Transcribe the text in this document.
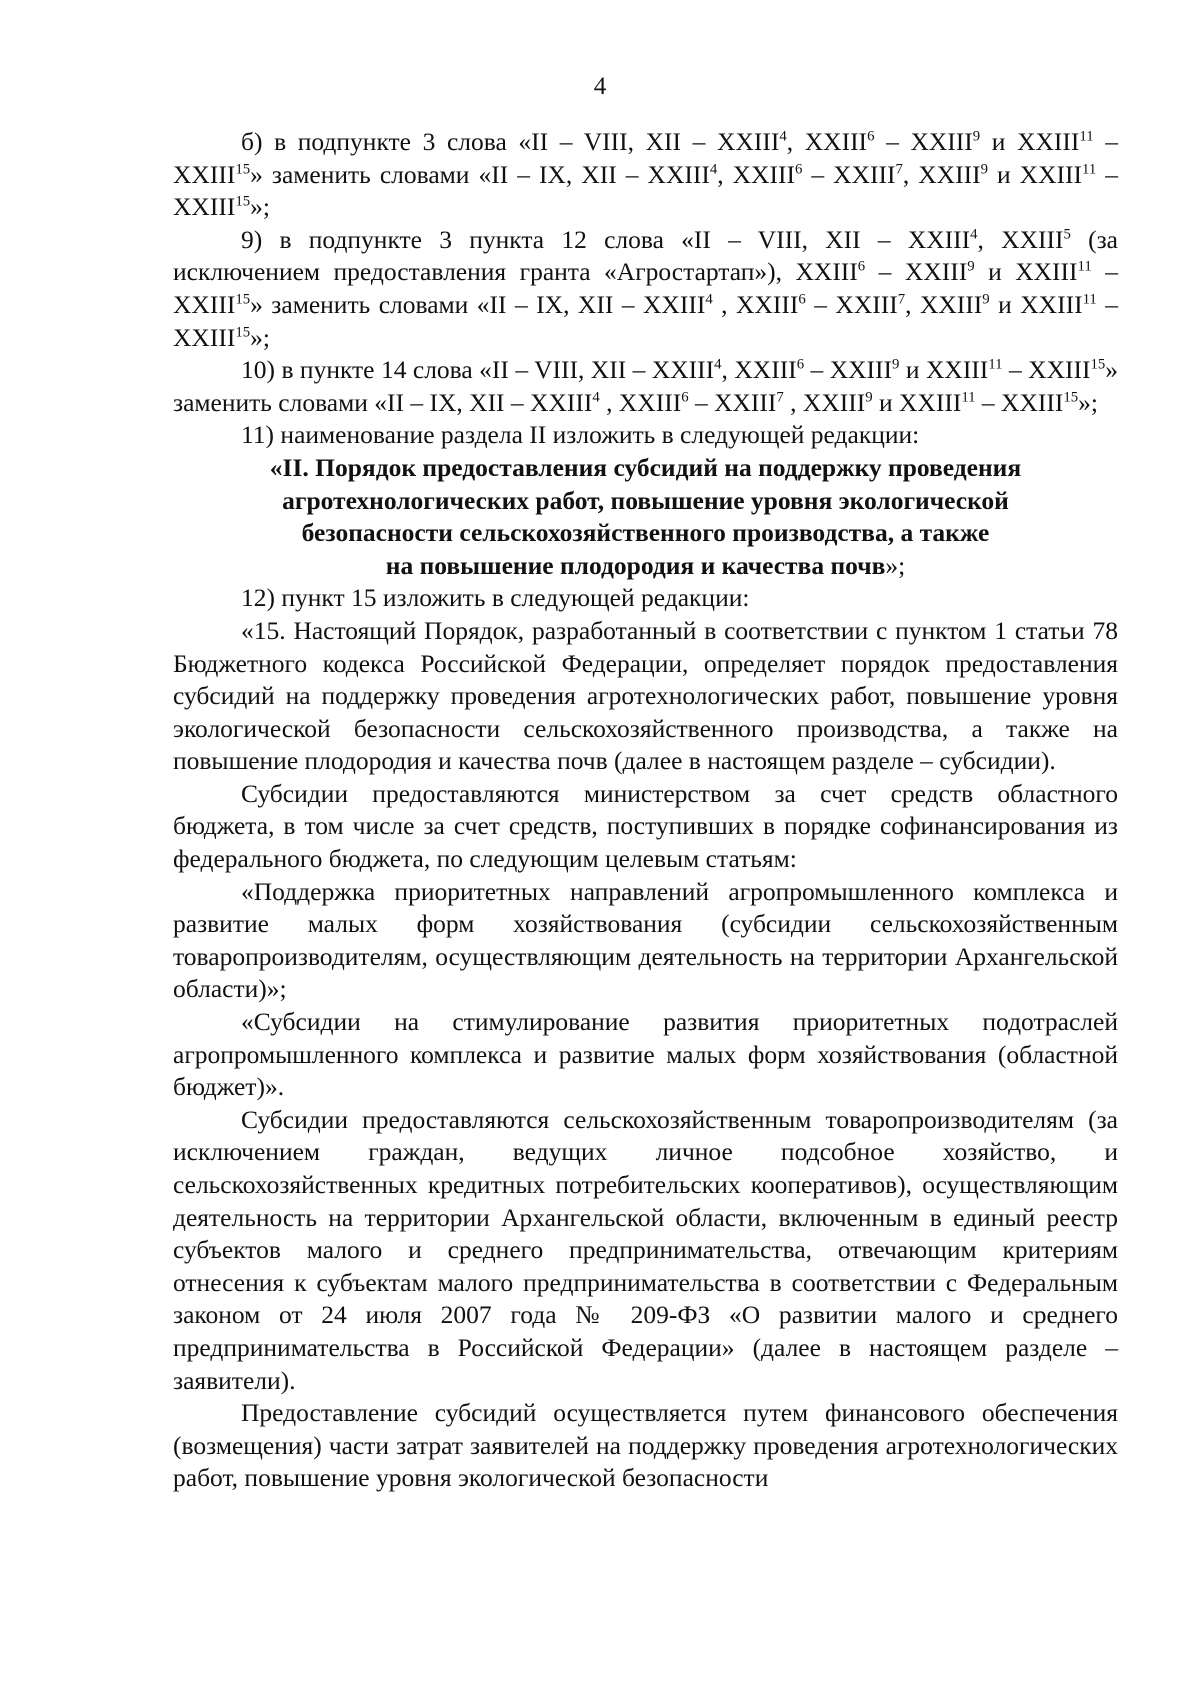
4

б) в подпункте 3 слова «II – VIII, XII – XXIII$^4$, XXIII$^6$ – XXIII$^9$ и XXIII$^{11}$ – XXIII$^{15}$» заменить словами «II – IX, XII – XXIII$^4$, XXIII$^6$ – XXIII$^7$, XXIII$^9$ и XXIII$^{11}$ – XXIII$^{15}$»;

9) в подпункте 3 пункта 12 слова «II – VIII, XII – XXIII$^4$, XXIII$^5$ (за исключением предоставления гранта «Агростартап»), XXIII$^6$ – XXIII$^9$ и XXIII$^{11}$ – XXIII$^{15}$» заменить словами «II – IX, XII – XXIII$^4$ , XXIII$^6$ – XXIII$^7$, XXIII$^9$ и XXIII$^{11}$ – XXIII$^{15}$»;

10) в пункте 14 слова «II – VIII, XII – XXIII$^4$, XXIII$^6$ – XXIII$^9$ и XXIII$^{11}$ – XXIII$^{15}$» заменить словами «II – IX, XII – XXIII$^4$ , XXIII$^6$ – XXIII$^7$ , XXIII$^9$ и XXIII$^{11}$ – XXIII$^{15}$»;

11) наименование раздела II изложить в следующей редакции:

«II. Порядок предоставления субсидий на поддержку проведения
агротехнологических работ, повышение уровня экологической
безопасности сельскохозяйственного производства, а также
на повышение плодородия и качества почв»;

12) пункт 15 изложить в следующей редакции:

«15. Настоящий Порядок, разработанный в соответствии с пунктом 1 статьи 78 Бюджетного кодекса Российской Федерации, определяет порядок предоставления субсидий на поддержку проведения агротехнологических работ, повышение уровня экологической безопасности сельскохозяйственного производства, а также на повышение плодородия и качества почв (далее в настоящем разделе – субсидии).

Субсидии предоставляются министерством за счет средств областного бюджета, в том числе за счет средств, поступивших в порядке софинансирования из федерального бюджета, по следующим целевым статьям:

«Поддержка приоритетных направлений агропромышленного комплекса и развитие малых форм хозяйствования (субсидии сельскохозяйственным товаропроизводителям, осуществляющим деятельность на территории Архангельской области)»;

«Субсидии на стимулирование развития приоритетных подотраслей агропромышленного комплекса и развитие малых форм хозяйствования (областной бюджет)».

Субсидии предоставляются сельскохозяйственным товаропроизводителям (за исключением граждан, ведущих личное подсобное хозяйство, и сельскохозяйственных кредитных потребительских кооперативов), осуществляющим деятельность на территории Архангельской области, включенным в единый реестр субъектов малого и среднего предпринимательства, отвечающим критериям отнесения к субъектам малого предпринимательства в соответствии с Федеральным законом от 24 июля 2007 года № 209-ФЗ «О развитии малого и среднего предпринимательства в Российской Федерации» (далее в настоящем разделе – заявители).

Предоставление субсидий осуществляется путем финансового обеспечения (возмещения) части затрат заявителей на поддержку проведения агротехнологических работ, повышение уровня экологической безопасности
